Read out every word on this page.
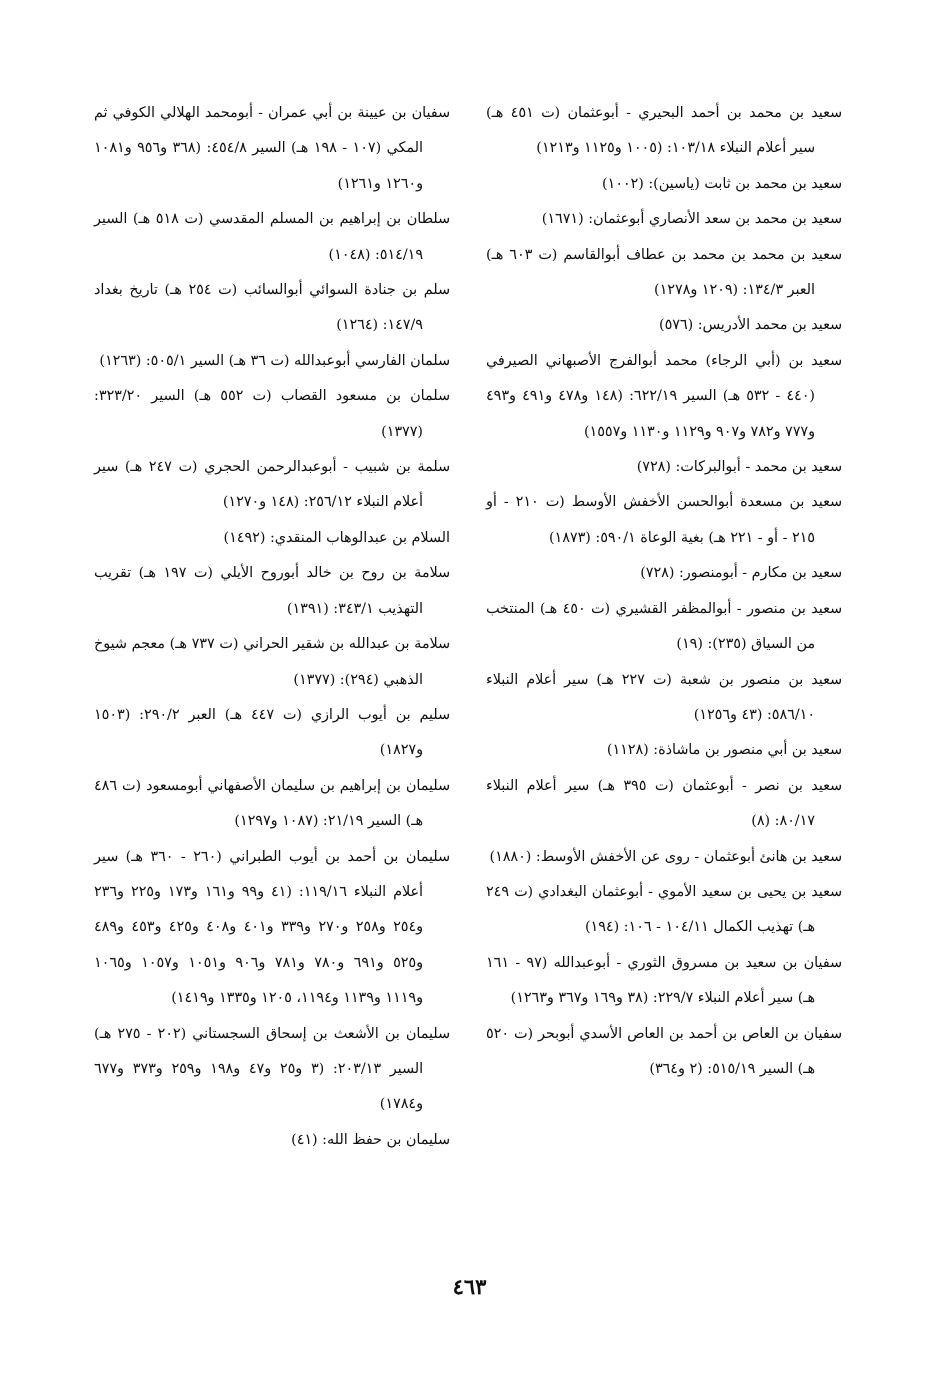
سعيد بن محمد بن أحمد البحيري - أبوعثمان (ت ٤٥١ هـ) سير أعلام النبلاء ١٠٣/١٨: (١٠٠٥ و١١٢٥ و١٢١٣)
سعيد بن محمد بن ثابت (ياسين): (١٠٠٢)
سعيد بن محمد بن سعد الأنصاري أبوعثمان: (١٦٧١)
سعيد بن محمد بن محمد بن عطاف أبوالقاسم (ت ٦٠٣ هـ) العبر ١٣٤/٣: (١٢٠٩ و١٢٧٨)
سعيد بن محمد الأدريس: (٥٧٦)
سعيد بن (أبي الرجاء) محمد أبوالفرج الأصبهاني الصيرفي (٤٤٠ - ٥٣٢ هـ) السير ٦٢٢/١٩: (١٤٨ و٤٧٨ و٤٩١ و٤٩٣ و٧٧٧ و٧٨٢ و٩٠٧ و١١٢٩ و١١٣٠ و١٥٥٧)
سعيد بن محمد - أبوالبركات: (٧٢٨)
سعيد بن مسعدة أبوالحسن الأخفش الأوسط (ت ٢١٠ - أو ٢١٥ - أو - ٢٢١ هـ) بغية الوعاة ٥٩٠/١: (١٨٧٣)
سعيد بن مكارم - أبومنصور: (٧٢٨)
سعيد بن منصور - أبوالمظفر القشيري (ت ٤٥٠ هـ) المنتخب من السياق (٢٣٥): (١٩)
سعيد بن منصور بن شعبة (ت ٢٢٧ هـ) سير أعلام النبلاء ٥٨٦/١٠: (٤٣ و١٢٥٦)
سعيد بن أبي منصور بن ماشاذة: (١١٢٨)
سعيد بن نصر - أبوعثمان (ت ٣٩٥ هـ) سير أعلام النبلاء ٨٠/١٧: (٨)
سعيد بن هانئ أبوعثمان - روى عن الأخفش الأوسط: (١٨٨٠)
سعيد بن يحيى بن سعيد الأموي - أبوعثمان البغدادي (ت ٢٤٩ هـ) تهذيب الكمال ١٠٤/١١ - ١٠٦: (١٩٤)
سفيان بن سعيد بن مسروق الثوري - أبوعبدالله (٩٧ - ١٦١ هـ) سير أعلام النبلاء ٢٢٩/٧: (٣٨ و١٦٩ و٣٦٧ و١٢٦٣)
سفيان بن العاص بن أحمد بن العاص الأسدي أبوبحر (ت ٥٢٠ هـ) السير ٥١٥/١٩: (٢ و٣٦٤)
سفيان بن عيينة بن أبي عمران - أبومحمد الهلالي الكوفي ثم المكي (١٠٧ - ١٩٨ هـ) السير ٤٥٤/٨: (٣٦٨ و٩٥٦ و١٠٨١ و١٢٦٠ و١٢٦١)
سلطان بن إبراهيم بن المسلم المقدسي (ت ٥١٨ هـ) السير ٥١٤/١٩: (١٠٤٨)
سلم بن جنادة السوائي أبوالسائب (ت ٢٥٤ هـ) تاريخ بغداد ١٤٧/٩: (١٢٦٤)
سلمان الفارسي أبوعبدالله (ت ٣٦ هـ) السير ٥٠٥/١: (١٢٦٣)
سلمان بن مسعود القصاب (ت ٥٥٢ هـ) السير ٣٢٣/٢٠: (١٣٧٧)
سلمة بن شبيب - أبوعبدالرحمن الحجري (ت ٢٤٧ هـ) سير أعلام النبلاء ٢٥٦/١٢: (١٤٨ و١٢٧٠)
السلام بن عبدالوهاب المنقدي: (١٤٩٢)
سلامة بن روح بن خالد أبوروح الأيلي (ت ١٩٧ هـ) تقريب التهذيب ٣٤٣/١: (١٣٩١)
سلامة بن عبدالله بن شقير الحراني (ت ٧٣٧ هـ) معجم شيوخ الذهبي (٢٩٤): (١٣٧٧)
سليم بن أيوب الرازي (ت ٤٤٧ هـ) العبر ٢٩٠/٢: (١٥٠٣ و١٨٢٧)
سليمان بن إبراهيم بن سليمان الأصفهاني أبومسعود (ت ٤٨٦ هـ) السير ٢١/١٩: (١٠٨٧ و١٢٩٧)
سليمان بن أحمد بن أيوب الطبراني (٢٦٠ - ٣٦٠ هـ) سير أعلام النبلاء ١١٩/١٦: (٤١ و٩٩ و١٦١ و١٧٣ و٢٢٥ و٢٣٦ و٢٥٤ و٢٥٨ و٢٧٠ و٣٣٩ و٤٠١ و٤٠٨ و٤٢٥ و٤٥٣ و٤٨٩ و٥٢٥ و٦٩١ و٧٨٠ و٧٨١ و٩٠٦ و١٠٥١ و١٠٥٧ و١٠٦٥ و١١١٩ و١١٣٩ و١١٩٤، ١٢٠٥ و١٣٣٥ و١٤١٩)
سليمان بن الأشعث بن إسحاق السجستاني (٢٠٢ - ٢٧٥ هـ) السير ٢٠٣/١٣: (٣ و٢٥ و٤٧ و١٩٨ و٢٥٩ و٣٧٣ و٦٧٧ و١٧٨٤)
سليمان بن حفظ الله: (٤١)
٤٦٣
